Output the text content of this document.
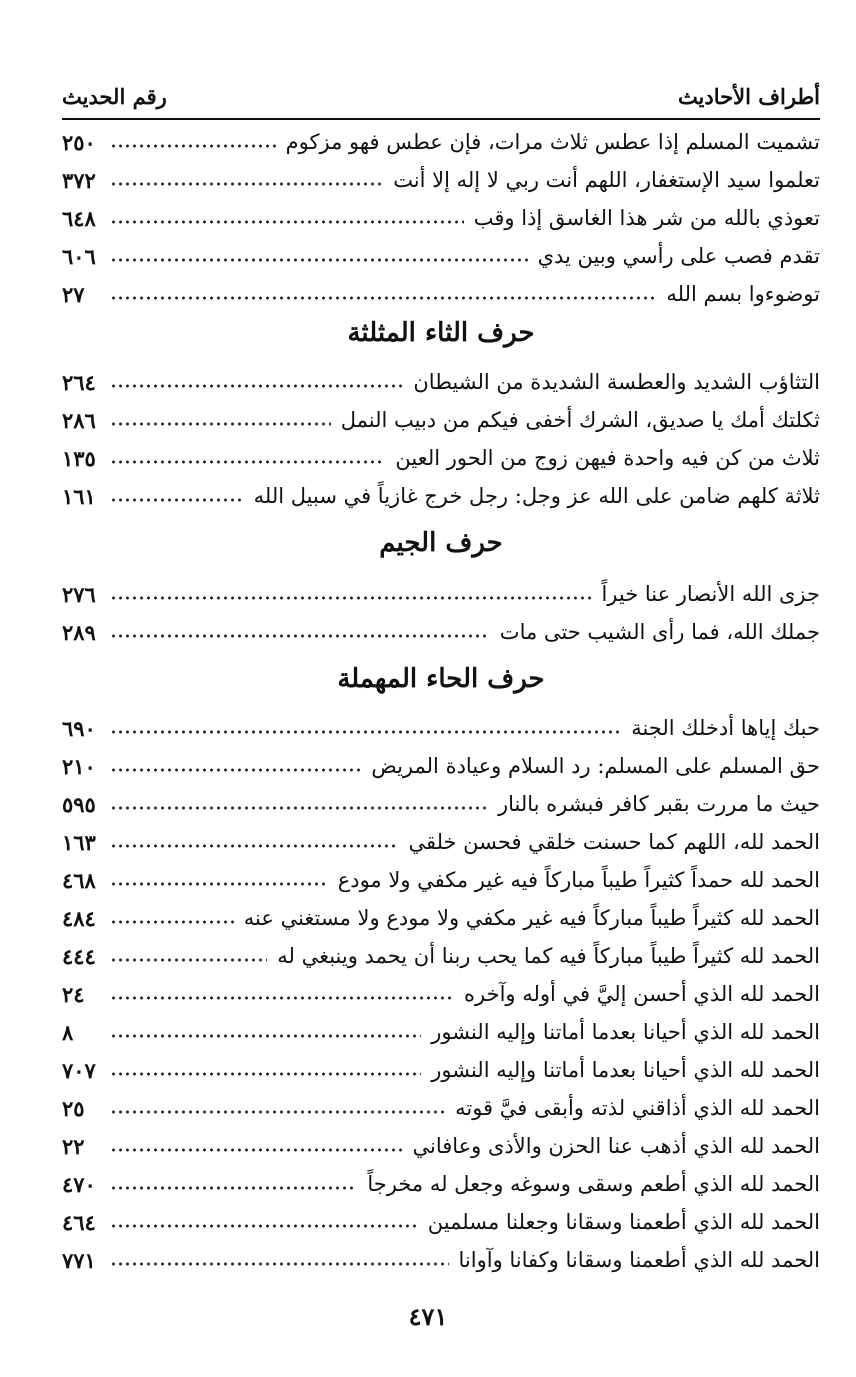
أطراف الأحاديث
رقم الحديث
تشميت المسلم إذا عطس ثلاث مرات، فإن عطس فهو مزكوم
٢٥٠
تعلموا سيد الإستغفار، اللهم أنت ربي لا إله إلا أنت
٣٧٢
تعوذي بالله من شر هذا الغاسق إذا وقب
٦٤٨
تقدم فصب على رأسي وبين يدي
٦٠٦
توضوءوا بسم الله
٢٧
حرف الثاء المثلثة
التثاؤب الشديد والعطسة الشديدة من الشيطان
٢٦٤
ثكلتك أمك يا صديق، الشرك أخفى فيكم من دبيب النمل
٢٨٦
ثلاث من كن فيه واحدة فيهن زوج من الحور العين
١٣٥
ثلاثة كلهم ضامن على الله عز وجل: رجل خرج غازياً في سبيل الله
١٦١
حرف الجيم
جزى الله الأنصار عنا خيراً
٢٧٦
جملك الله، فما رأى الشيب حتى مات
٢٨٩
حرف الحاء المهملة
حبك إياها أدخلك الجنة
٦٩٠
حق المسلم على المسلم: رد السلام وعيادة المريض
٢١٠
حيث ما مررت بقبر كافر فبشره بالنار
٥٩٥
الحمد لله، اللهم كما حسنت خلقي فحسن خلقي
١٦٣
الحمد لله حمداً كثيراً طيباً مباركاً فيه غير مكفي ولا مودع
٤٦٨
الحمد لله كثيراً طيباً مباركاً فيه غير مكفي ولا مودع ولا مستغني عنه
٤٨٤
الحمد لله كثيراً طيباً مباركاً فيه كما يحب ربنا أن يحمد وينبغي له
٤٤٤
الحمد لله الذي أحسن إليَّ في أوله وآخره
٢٤
الحمد لله الذي أحيانا بعدما أماتنا وإليه النشور
٨
الحمد لله الذي أحيانا بعدما أماتنا وإليه النشور
٧٠٧
الحمد لله الذي أذاقني لذته وأبقى فيَّ قوته
٢٥
الحمد لله الذي أذهب عنا الحزن والأذى وعافاني
٢٢
الحمد لله الذي أطعم وسقى وسوغه وجعل له مخرجاً
٤٧٠
الحمد لله الذي أطعمنا وسقانا وجعلنا مسلمين
٤٦٤
الحمد لله الذي أطعمنا وسقانا وكفانا وآوانا
٧٧١
٤٧١
